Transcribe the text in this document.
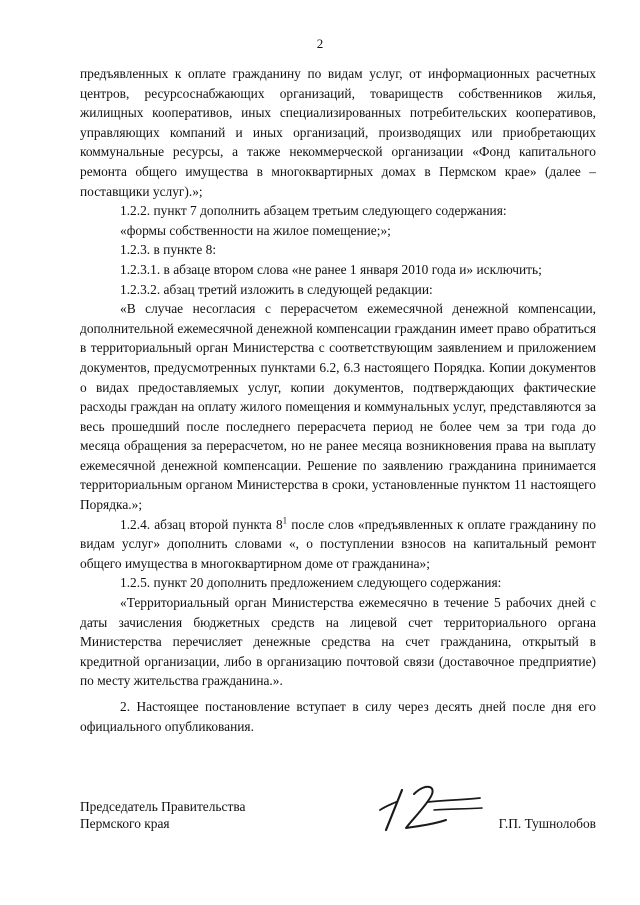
2

предъявленных к оплате гражданину по видам услуг, от информационных расчетных центров, ресурсоснабжающих организаций, товариществ собственников жилья, жилищных кооперативов, иных специализированных потребительских кооперативов, управляющих компаний и иных организаций, производящих или приобретающих коммунальные ресурсы, а также некоммерческой организации «Фонд капитального ремонта общего имущества в многоквартирных домах в Пермском крае» (далее – поставщики услуг).»;

1.2.2. пункт 7 дополнить абзацем третьим следующего содержания:

«формы собственности на жилое помещение;»;

1.2.3. в пункте 8:

1.2.3.1. в абзаце втором слова «не ранее 1 января 2010 года и» исключить;

1.2.3.2. абзац третий изложить в следующей редакции:

«В случае несогласия с перерасчетом ежемесячной денежной компенсации, дополнительной ежемесячной денежной компенсации гражданин имеет право обратиться в территориальный орган Министерства с соответствующим заявлением и приложением документов, предусмотренных пунктами 6.2, 6.3 настоящего Порядка. Копии документов о видах предоставляемых услуг, копии документов, подтверждающих фактические расходы граждан на оплату жилого помещения и коммунальных услуг, представляются за весь прошедший после последнего перерасчета период не более чем за три года до месяца обращения за перерасчетом, но не ранее месяца возникновения права на выплату ежемесячной денежной компенсации. Решение по заявлению гражданина принимается территориальным органом Министерства в сроки, установленные пунктом 11 настоящего Порядка.»;

1.2.4. абзац второй пункта $8^1$ после слов «предъявленных к оплате гражданину по видам услуг» дополнить словами «, о поступлении взносов на капитальный ремонт общего имущества в многоквартирном доме от гражданина»;

1.2.5. пункт 20 дополнить предложением следующего содержания:

«Территориальный орган Министерства ежемесячно в течение 5 рабочих дней с даты зачисления бюджетных средств на лицевой счет территориального органа Министерства перечисляет денежные средства на счет гражданина, открытый в кредитной организации, либо в организацию почтовой связи (доставочное предприятие) по месту жительства гражданина.».

2. Настоящее постановление вступает в силу через десять дней после дня его официального опубликования.

Председатель Правительства
Пермского края	Г.П. Тушнолобов
